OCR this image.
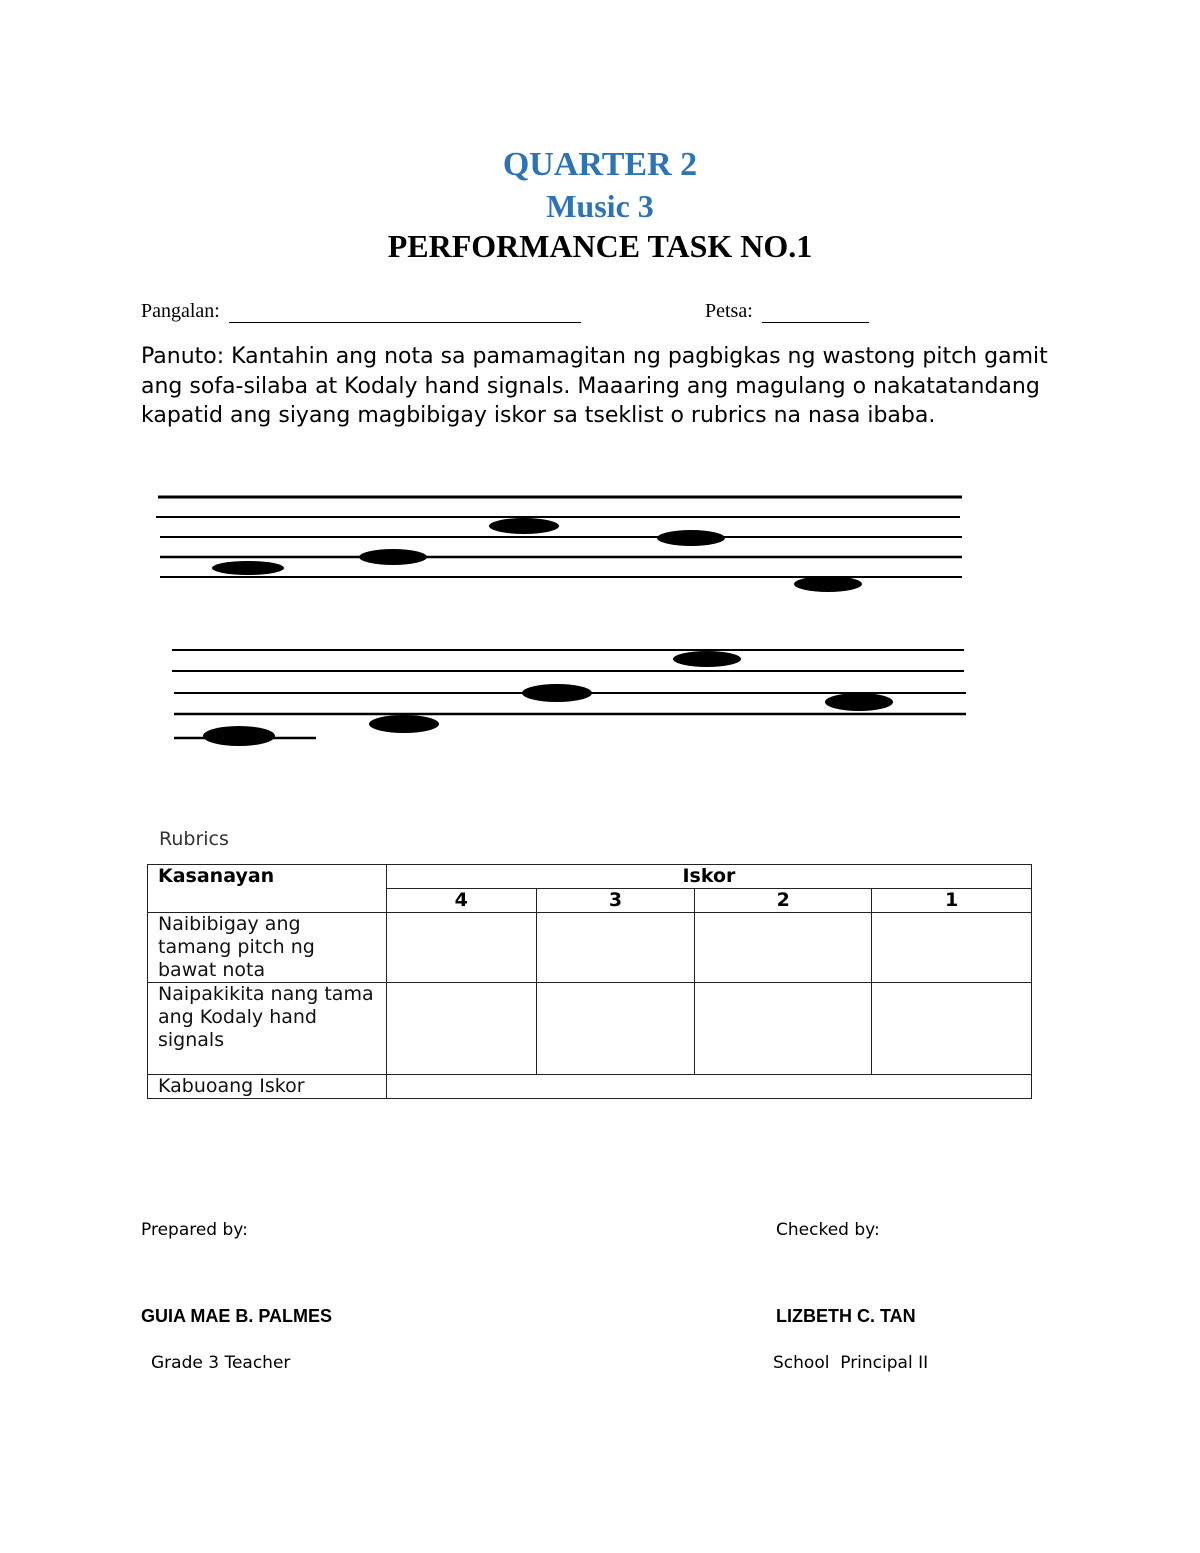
QUARTER 2
Music 3
PERFORMANCE TASK NO.1
Pangalan:	Petsa:
Panuto: Kantahin ang nota sa pamamagitan ng pagbigkas ng wastong pitch gamit ang sofa-silaba at Kodaly hand signals. Maaaring ang magulang o nakatatandang kapatid ang siyang magbibigay iskor sa tseklist o rubrics na nasa ibaba.
Rubrics
Kasanayan	Iskor			
	4	3	2	1
Naibibigay ang tamang pitch ng bawat nota				
Naipakikita nang tama ang Kodaly hand signals				
Kabuoang Iskor				
Prepared by:
GUIA MAE B. PALMES
Grade 3 Teacher
Checked by:
LIZBETH C. TAN
School  Principal II
